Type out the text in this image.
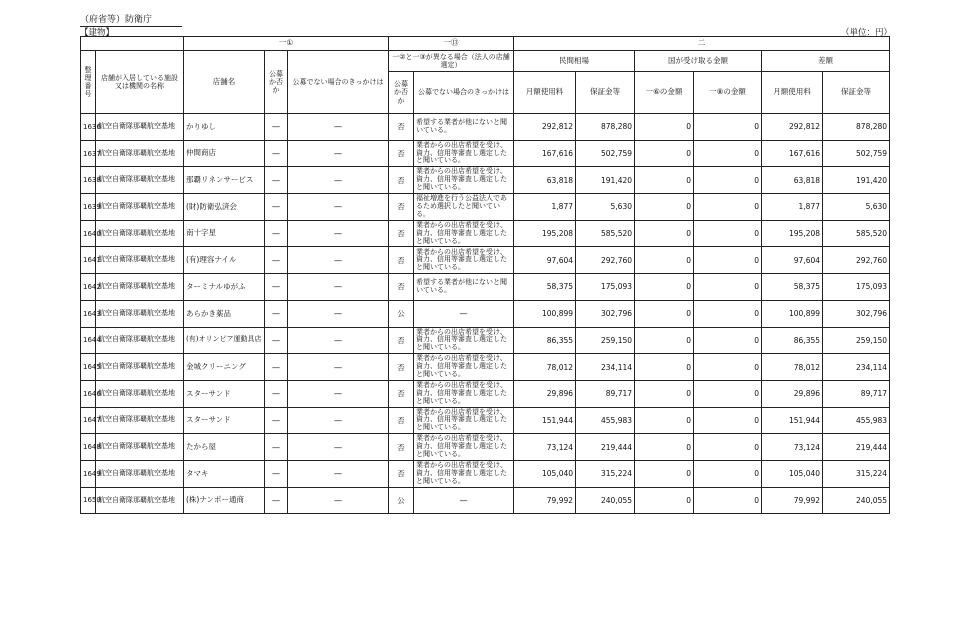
（府省等）防衛庁
【建物】	（単位：円）
		一①			一⑬		二					
整理番号	店舗が入居している施設又は機関の名称	店舗名	公募か否か	公募でない場合のきっかけは	一②と一③が異なる場合（法人の店舗選定）		民間相場		国が受け取る金額		差額	
					公募か否か	公募でない場合のきっかけは	月額使用料	保証金等	一⑥の金額	一⑧の金額	月額使用料	保証金等
1636	航空自衛隊那覇航空基地	かりゆし	―	―	否	希望する業者が他にないと聞いている。	292,812	878,280	0	0	292,812	878,280
1637	航空自衛隊那覇航空基地	仲間商店	―	―	否	業者からの出店希望を受け、資力、信用等審査し選定したと聞いている。	167,616	502,759	0	0	167,616	502,759
1638	航空自衛隊那覇航空基地	那覇リネンサービス	―	―	否	業者からの出店希望を受け、資力、信用等審査し選定したと聞いている。	63,818	191,420	0	0	63,818	191,420
1639	航空自衛隊那覇航空基地	(財)防衛弘済会	―	―	否	福祉増進を行う公益法人であるため選択したと聞いている。	1,877	5,630	0	0	1,877	5,630
1640	航空自衛隊那覇航空基地	南十字星	―	―	否	業者からの出店希望を受け、資力、信用等審査し選定したと聞いている。	195,208	585,520	0	0	195,208	585,520
1641	航空自衛隊那覇航空基地	(有)理容ナイル	―	―	否	業者からの出店希望を受け、資力、信用等審査し選定したと聞いている。	97,604	292,760	0	0	97,604	292,760
1642	航空自衛隊那覇航空基地	ターミナルゆがふ	―	―	否	希望する業者が他にないと聞いている。	58,375	175,093	0	0	58,375	175,093
1643	航空自衛隊那覇航空基地	あらかき薬品	―	―	公	―	100,899	302,796	0	0	100,899	302,796
1644	航空自衛隊那覇航空基地	(有)オリンピア運動具店	―	―	否	業者からの出店希望を受け、資力、信用等審査し選定したと聞いている。	86,355	259,150	0	0	86,355	259,150
1645	航空自衛隊那覇航空基地	金城クリーニング	―	―	否	業者からの出店希望を受け、資力、信用等審査し選定したと聞いている。	78,012	234,114	0	0	78,012	234,114
1646	航空自衛隊那覇航空基地	スターサンド	―	―	否	業者からの出店希望を受け、資力、信用等審査し選定したと聞いている。	29,896	89,717	0	0	29,896	89,717
1647	航空自衛隊那覇航空基地	スターサンド	―	―	否	業者からの出店希望を受け、資力、信用等審査し選定したと聞いている。	151,944	455,983	0	0	151,944	455,983
1648	航空自衛隊那覇航空基地	たから屋	―	―	否	業者からの出店希望を受け、資力、信用等審査し選定したと聞いている。	73,124	219,444	0	0	73,124	219,444
1649	航空自衛隊那覇航空基地	タマキ	―	―	否	業者からの出店希望を受け、資力、信用等審査し選定したと聞いている。	105,040	315,224	0	0	105,040	315,224
1650	航空自衛隊那覇航空基地	(株)ナンポー通商	―	―	公	―	79,992	240,055	0	0	79,992	240,055
